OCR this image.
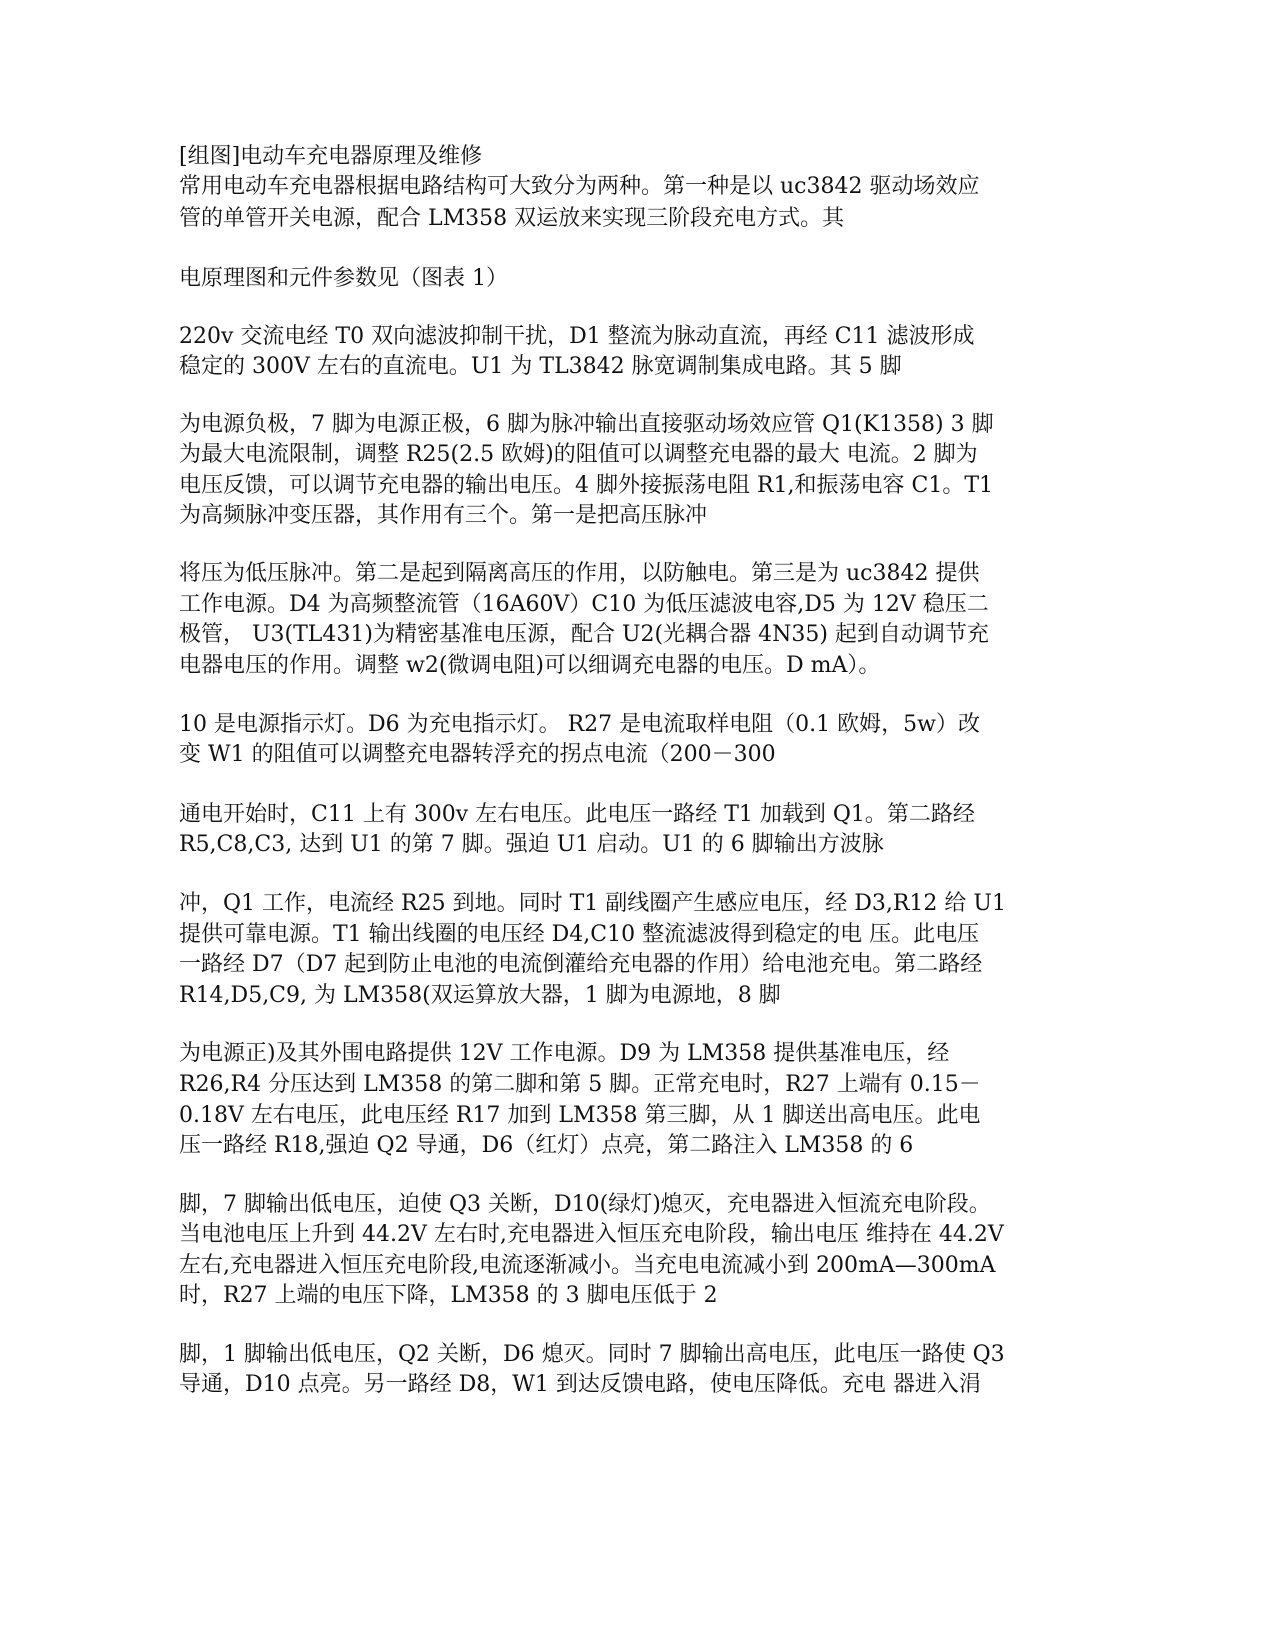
[组图]电动车充电器原理及维修

常用电动车充电器根据电路结构可大致分为两种。第一种是以 uc3842 驱动场效应

管的单管开关电源，配合 LM358 双运放来实现三阶段充电方式。其

电原理图和元件参数见（图表 1）

220v 交流电经 T0 双向滤波抑制干扰，D1 整流为脉动直流，再经 C11 滤波形成

稳定的 300V 左右的直流电。U1 为 TL3842 脉宽调制集成电路。其 5 脚

为电源负极，7 脚为电源正极，6 脚为脉冲输出直接驱动场效应管 Q1(K1358) 3 脚

为最大电流限制，调整 R25(2.5 欧姆)的阻值可以调整充电器的最大 电流。2 脚为

电压反馈，可以调节充电器的输出电压。4 脚外接振荡电阻 R1,和振荡电容 C1。T1

为高频脉冲变压器，其作用有三个。第一是把高压脉冲

将压为低压脉冲。第二是起到隔离高压的作用，以防触电。第三是为 uc3842 提供

工作电源。D4 为高频整流管（16A60V）C10 为低压滤波电容,D5 为 12V 稳压二

极管， U3(TL431)为精密基准电压源，配合 U2(光耦合器 4N35) 起到自动调节充

电器电压的作用。调整 w2(微调电阻)可以细调充电器的电压。D mA）。

10 是电源指示灯。D6 为充电指示灯。 R27 是电流取样电阻（0.1 欧姆，5w）改

变 W1 的阻值可以调整充电器转浮充的拐点电流（200－300

通电开始时，C11 上有 300v 左右电压。此电压一路经 T1 加载到 Q1。第二路经

R5,C8,C3, 达到 U1 的第 7 脚。强迫 U1 启动。U1 的 6 脚输出方波脉

冲，Q1 工作，电流经 R25 到地。同时 T1 副线圈产生感应电压，经 D3,R12 给 U1

提供可靠电源。T1 输出线圈的电压经 D4,C10 整流滤波得到稳定的电 压。此电压

一路经 D7（D7 起到防止电池的电流倒灌给充电器的作用）给电池充电。第二路经

R14,D5,C9, 为 LM358(双运算放大器，1 脚为电源地，8 脚

为电源正)及其外围电路提供 12V 工作电源。D9 为 LM358 提供基准电压，经

R26,R4 分压达到 LM358 的第二脚和第 5 脚。正常充电时，R27 上端有 0.15－

0.18V 左右电压，此电压经 R17 加到 LM358 第三脚，从 1 脚送出高电压。此电

压一路经 R18,强迫 Q2 导通，D6（红灯）点亮，第二路注入 LM358 的 6

脚，7 脚输出低电压，迫使 Q3 关断，D10(绿灯)熄灭，充电器进入恒流充电阶段。

当电池电压上升到 44.2V 左右时,充电器进入恒压充电阶段，输出电压 维持在 44.2V

左右,充电器进入恒压充电阶段,电流逐渐减小。当充电电流减小到 200mA—300mA

时，R27 上端的电压下降，LM358 的 3 脚电压低于 2

脚，1 脚输出低电压，Q2 关断，D6 熄灭。同时 7 脚输出高电压，此电压一路使 Q3

导通，D10 点亮。另一路经 D8，W1 到达反馈电路，使电压降低。充电 器进入涓
